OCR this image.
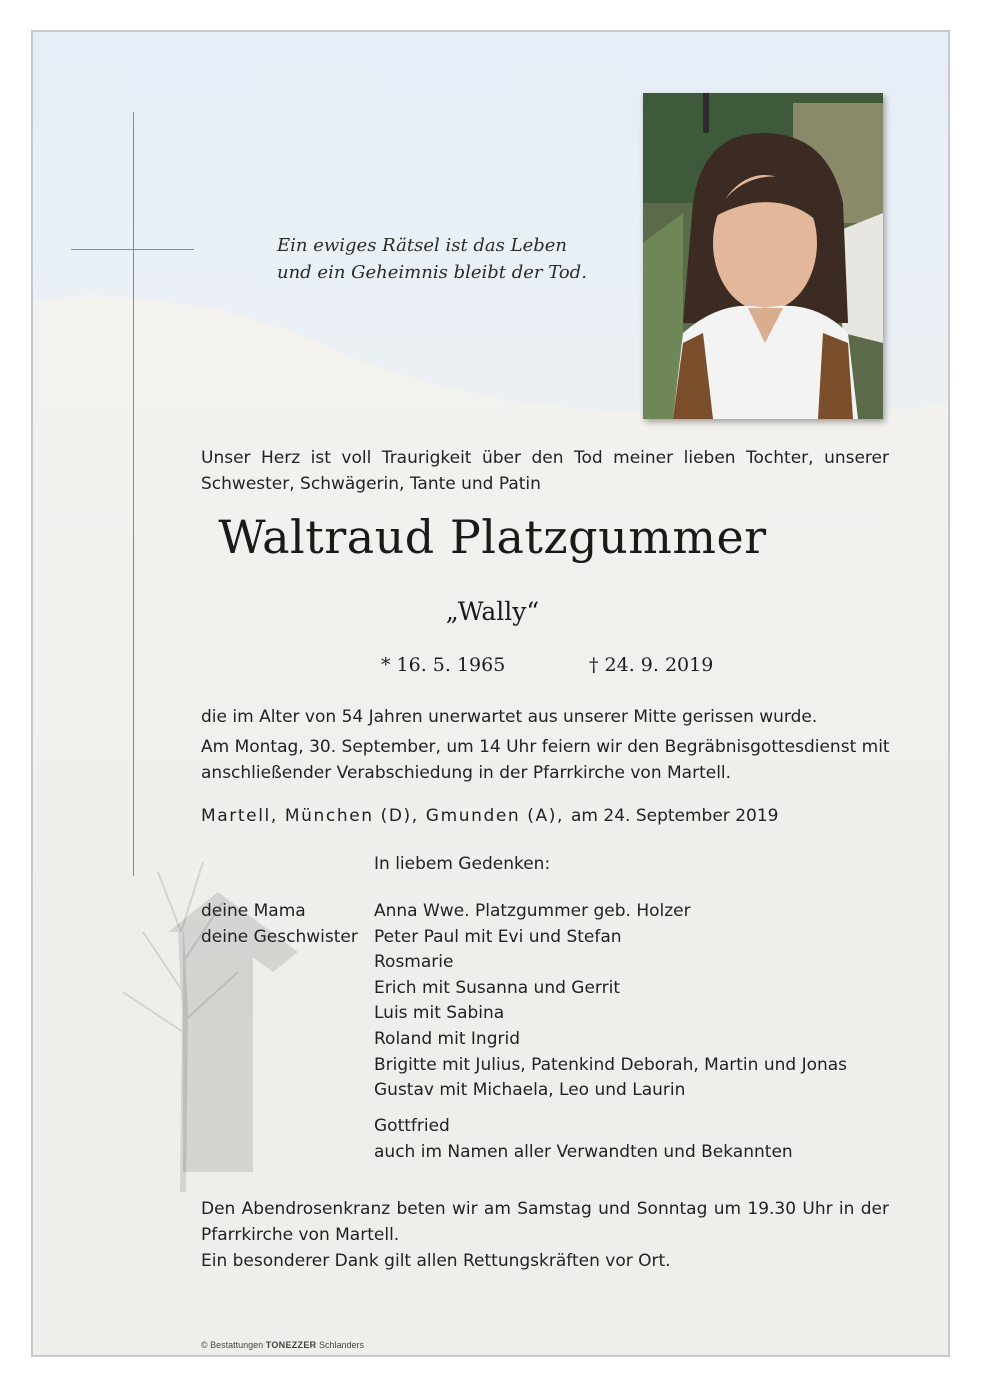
Ein ewiges Rätsel ist das Leben
und ein Geheimnis bleibt der Tod.
Unser Herz ist voll Traurigkeit über den Tod meiner lieben Tochter, unserer Schwester, Schwägerin, Tante und Patin
Waltraud Platzgummer
„Wally“
* 16. 5. 1965	† 24. 9. 2019
die im Alter von 54 Jahren unerwartet aus unserer Mitte gerissen wurde.
Am Montag, 30. September, um 14 Uhr feiern wir den Begräbnisgottesdienst mit anschließender Verabschiedung in der Pfarrkirche von Martell.
Martell, München (D), Gmunden (A), am 24. September 2019
In liebem Gedenken:
deine Mama
deine Geschwister
Anna Wwe. Platzgummer geb. Holzer
Peter Paul mit Evi und Stefan
Rosmarie
Erich mit Susanna und Gerrit
Luis mit Sabina
Roland mit Ingrid
Brigitte mit Julius, Patenkind Deborah, Martin und Jonas
Gustav mit Michaela, Leo und Laurin
Gottfried
auch im Namen aller Verwandten und Bekannten
Den Abendrosenkranz beten wir am Samstag und Sonntag um 19.30 Uhr in der Pfarrkirche von Martell.
Ein besonderer Dank gilt allen Rettungskräften vor Ort.
© Bestattungen TONEZZER Schlanders
